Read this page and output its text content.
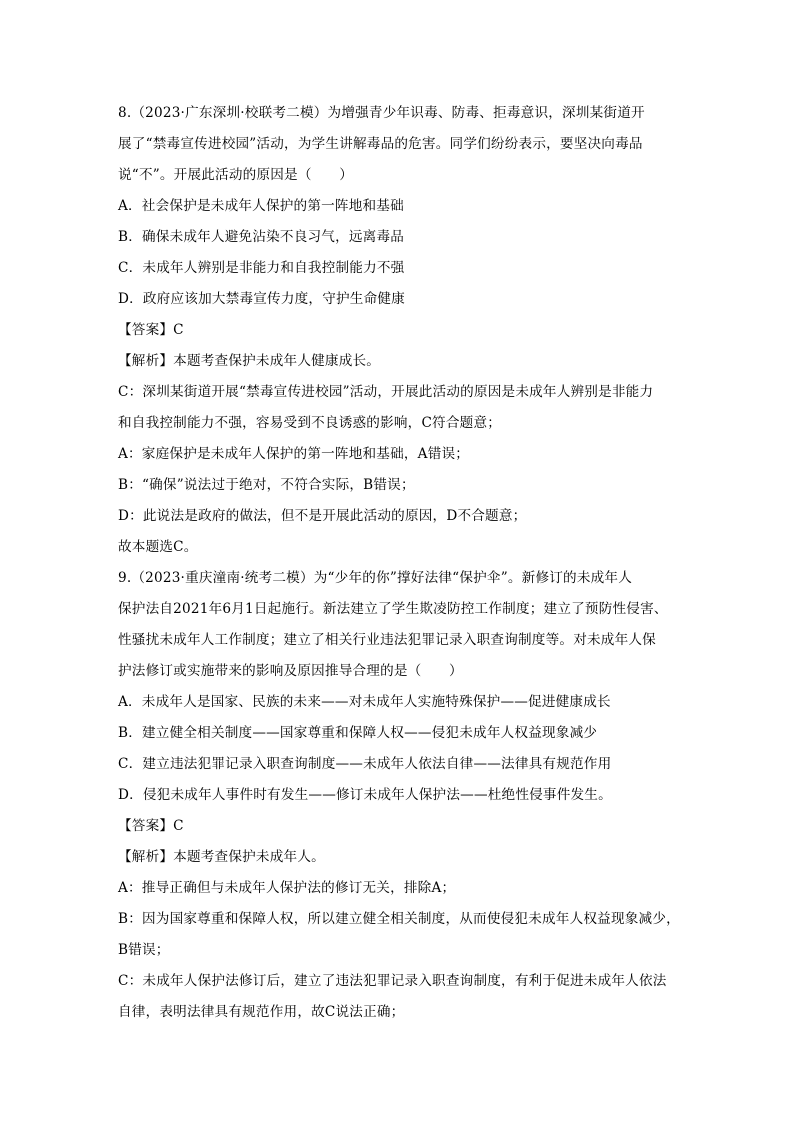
8.（2023·广东深圳·校联考二模）为增强青少年识毒、防毒、拒毒意识，深圳某街道开
展了“禁毒宣传进校园”活动，为学生讲解毒品的危害。同学们纷纷表示，要坚决向毒品
说“不”。开展此活动的原因是（　　）
A．社会保护是未成年人保护的第一阵地和基础
B．确保未成年人避免沾染不良习气，远离毒品
C．未成年人辨别是非能力和自我控制能力不强
D．政府应该加大禁毒宣传力度，守护生命健康
【答案】C
【解析】本题考查保护未成年人健康成长。
C：深圳某街道开展“禁毒宣传进校园”活动，开展此活动的原因是未成年人辨别是非能力
和自我控制能力不强，容易受到不良诱惑的影响，C符合题意；
A：家庭保护是未成年人保护的第一阵地和基础，A错误；
B：“确保”说法过于绝对，不符合实际，B错误；
D：此说法是政府的做法，但不是开展此活动的原因，D不合题意；
故本题选C。
9.（2023·重庆潼南·统考二模）为“少年的你”撑好法律“保护伞”。新修订的未成年人
保护法自2021年6月1日起施行。新法建立了学生欺凌防控工作制度；建立了预防性侵害、
性骚扰未成年人工作制度；建立了相关行业违法犯罪记录入职查询制度等。对未成年人保
护法修订或实施带来的影响及原因推导合理的是（　　）
A．未成年人是国家、民族的未来——对未成年人实施特殊保护——促进健康成长
B．建立健全相关制度——国家尊重和保障人权——侵犯未成年人权益现象减少
C．建立违法犯罪记录入职查询制度——未成年人依法自律——法律具有规范作用
D．侵犯未成年人事件时有发生——修订未成年人保护法——杜绝性侵事件发生。
【答案】C
【解析】本题考查保护未成年人。
A：推导正确但与未成年人保护法的修订无关，排除A；
B：因为国家尊重和保障人权，所以建立健全相关制度，从而使侵犯未成年人权益现象减少，
B错误；
C：未成年人保护法修订后，建立了违法犯罪记录入职查询制度，有利于促进未成年人依法
自律，表明法律具有规范作用，故C说法正确；
